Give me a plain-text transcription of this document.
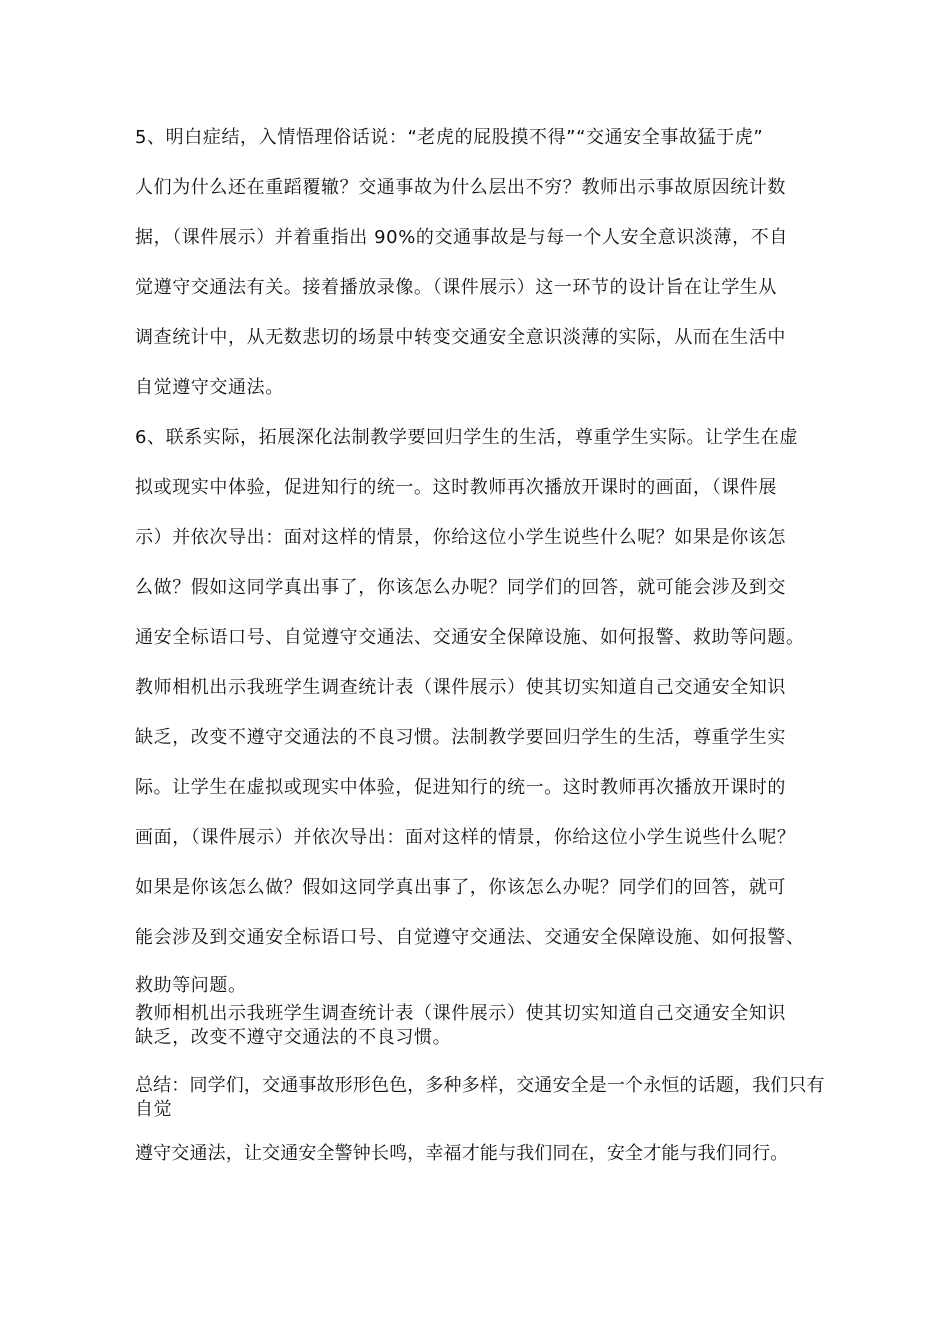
5、明白症结，入情悟理俗话说：“老虎的屁股摸不得”“交通安全事故猛于虎”
人们为什么还在重蹈覆辙？交通事故为什么层出不穷？教师出示事故原因统计数
据，（课件展示）并着重指出 90%的交通事故是与每一个人安全意识淡薄，不自
觉遵守交通法有关。接着播放录像。（课件展示）这一环节的设计旨在让学生从
调查统计中，从无数悲切的场景中转变交通安全意识淡薄的实际，从而在生活中
自觉遵守交通法。
6、联系实际，拓展深化法制教学要回归学生的生活，尊重学生实际。让学生在虚
拟或现实中体验，促进知行的统一。这时教师再次播放开课时的画面，（课件展
示）并依次导出：面对这样的情景，你给这位小学生说些什么呢？如果是你该怎
么做？假如这同学真出事了，你该怎么办呢？同学们的回答，就可能会涉及到交
通安全标语口号、自觉遵守交通法、交通安全保障设施、如何报警、救助等问题。
教师相机出示我班学生调查统计表（课件展示）使其切实知道自己交通安全知识
缺乏，改变不遵守交通法的不良习惯。法制教学要回归学生的生活，尊重学生实
际。让学生在虚拟或现实中体验，促进知行的统一。这时教师再次播放开课时的
画面，（课件展示）并依次导出：面对这样的情景，你给这位小学生说些什么呢？
如果是你该怎么做？假如这同学真出事了，你该怎么办呢？同学们的回答，就可
能会涉及到交通安全标语口号、自觉遵守交通法、交通安全保障设施、如何报警、
救助等问题。
教师相机出示我班学生调查统计表（课件展示）使其切实知道自己交通安全知识
缺乏，改变不遵守交通法的不良习惯。
总结：同学们，交通事故形形色色，多种多样，交通安全是一个永恒的话题，我们只有
自觉
遵守交通法，让交通安全警钟长鸣，幸福才能与我们同在，安全才能与我们同行。
